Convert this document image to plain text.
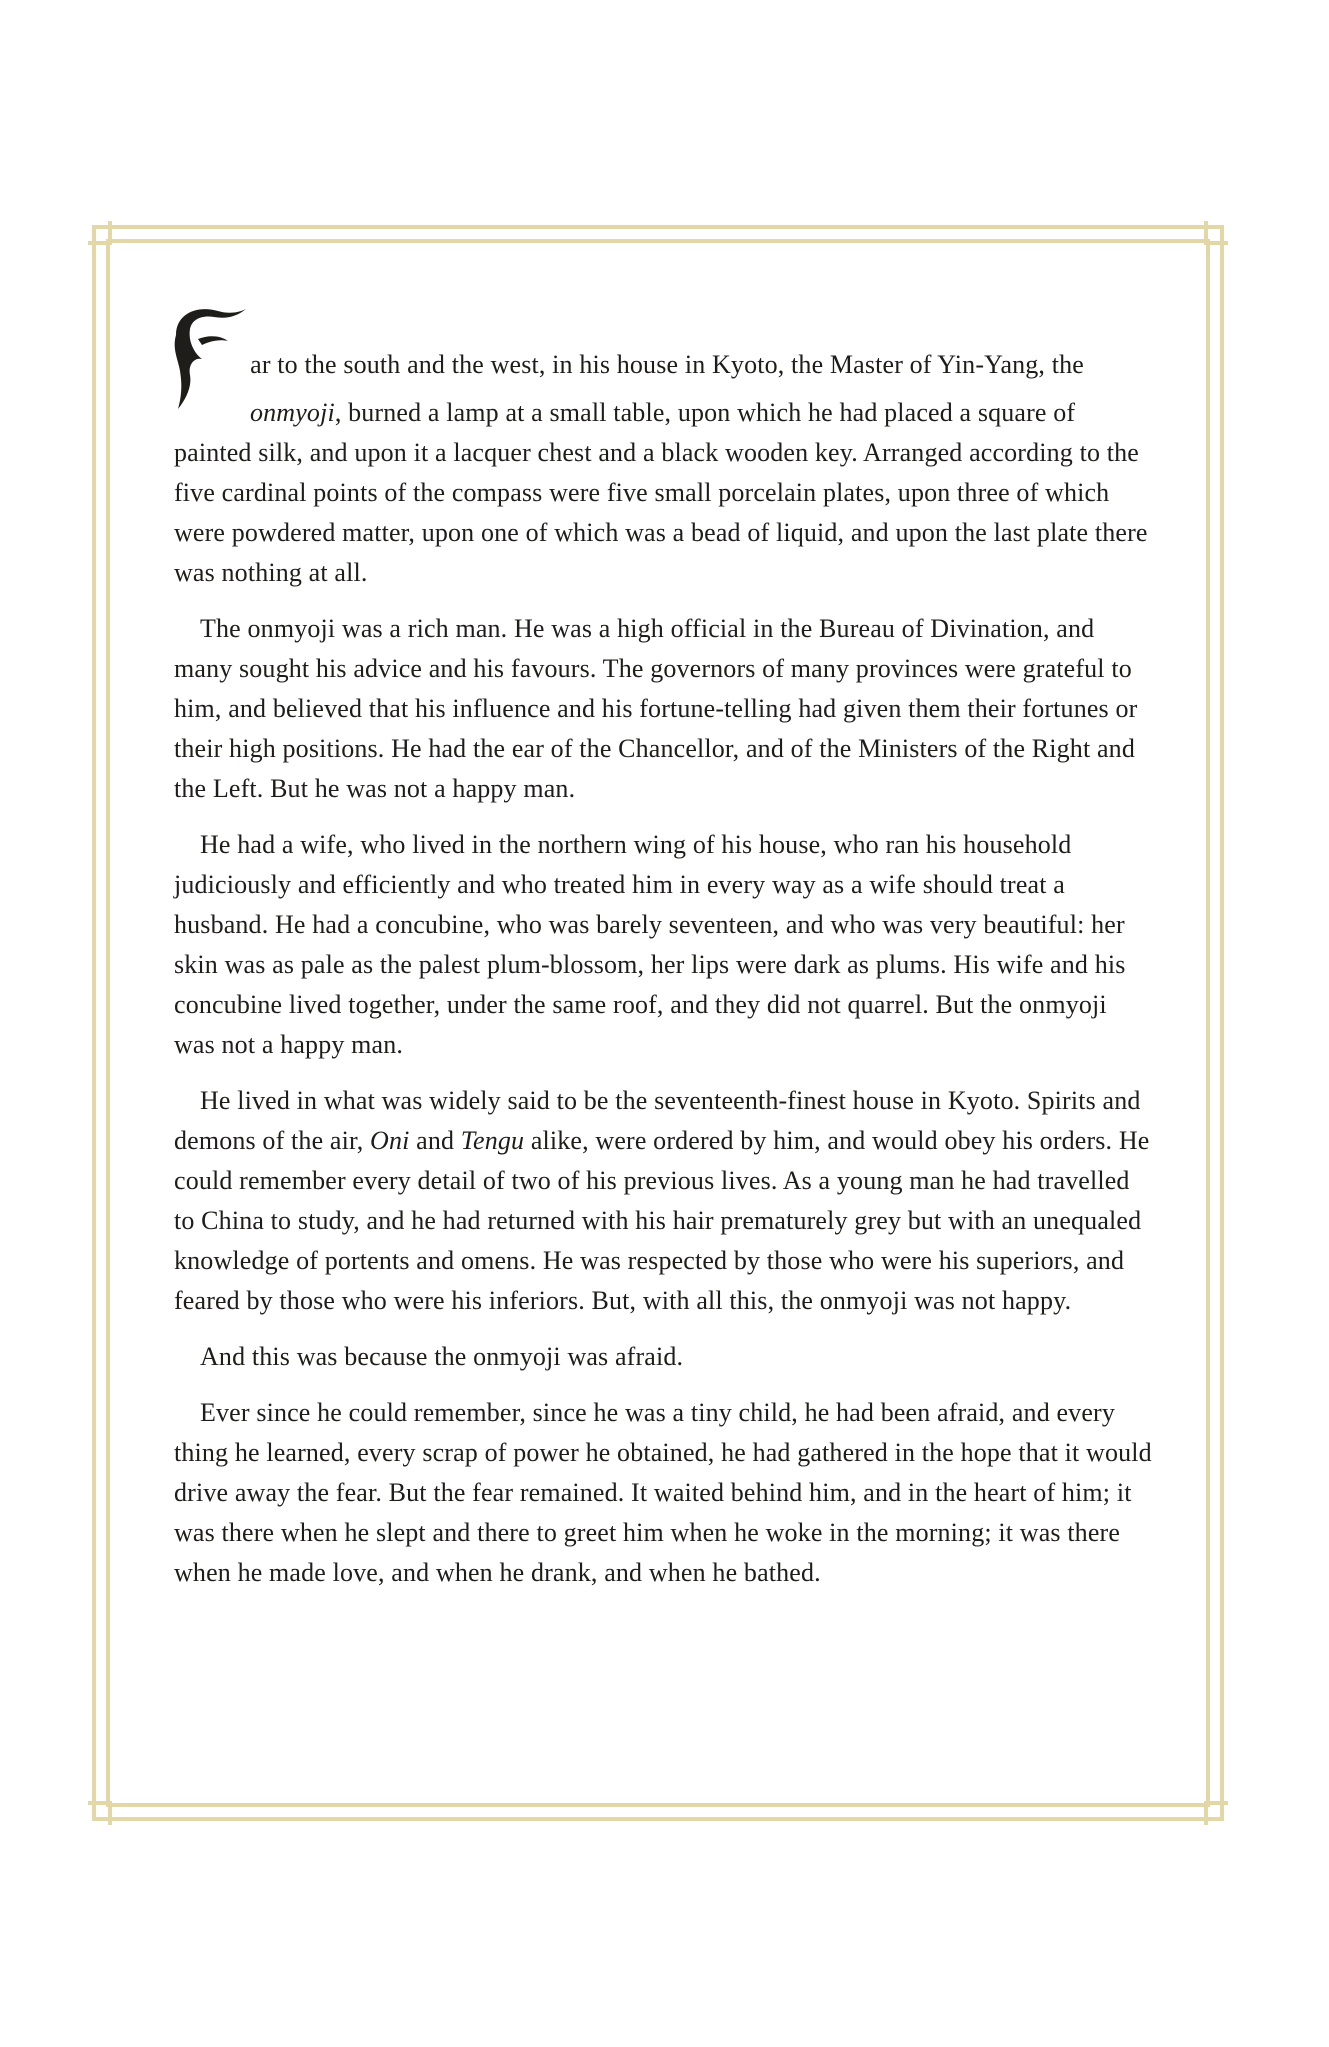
ar to the south and the west, in his house in Kyoto, the Master of Yin-Yang, the onmyoji, burned a lamp at a small table, upon which he had placed a square of painted silk, and upon it a lacquer chest and a black wooden key. Arranged according to the five cardinal points of the compass were five small porcelain plates, upon three of which were powdered matter, upon one of which was a bead of liquid, and upon the last plate there was nothing at all.

The onmyoji was a rich man. He was a high official in the Bureau of Divination, and many sought his advice and his favours. The governors of many provinces were grateful to him, and believed that his influence and his fortune-telling had given them their fortunes or their high positions. He had the ear of the Chancellor, and of the Ministers of the Right and the Left. But he was not a happy man.

He had a wife, who lived in the northern wing of his house, who ran his household judiciously and efficiently and who treated him in every way as a wife should treat a husband. He had a concubine, who was barely seventeen, and who was very beautiful: her skin was as pale as the palest plum-blossom, her lips were dark as plums. His wife and his concubine lived together, under the same roof, and they did not quarrel. But the onmyoji was not a happy man.

He lived in what was widely said to be the seventeenth-finest house in Kyoto. Spirits and demons of the air, Oni and Tengu alike, were ordered by him, and would obey his orders. He could remember every detail of two of his previous lives. As a young man he had travelled to China to study, and he had returned with his hair prematurely grey but with an unequaled knowledge of portents and omens. He was respected by those who were his superiors, and feared by those who were his inferiors. But, with all this, the onmyoji was not happy.

And this was because the onmyoji was afraid.

Ever since he could remember, since he was a tiny child, he had been afraid, and every thing he learned, every scrap of power he obtained, he had gathered in the hope that it would drive away the fear. But the fear remained. It waited behind him, and in the heart of him; it was there when he slept and there to greet him when he woke in the morning; it was there when he made love, and when he drank, and when he bathed.
